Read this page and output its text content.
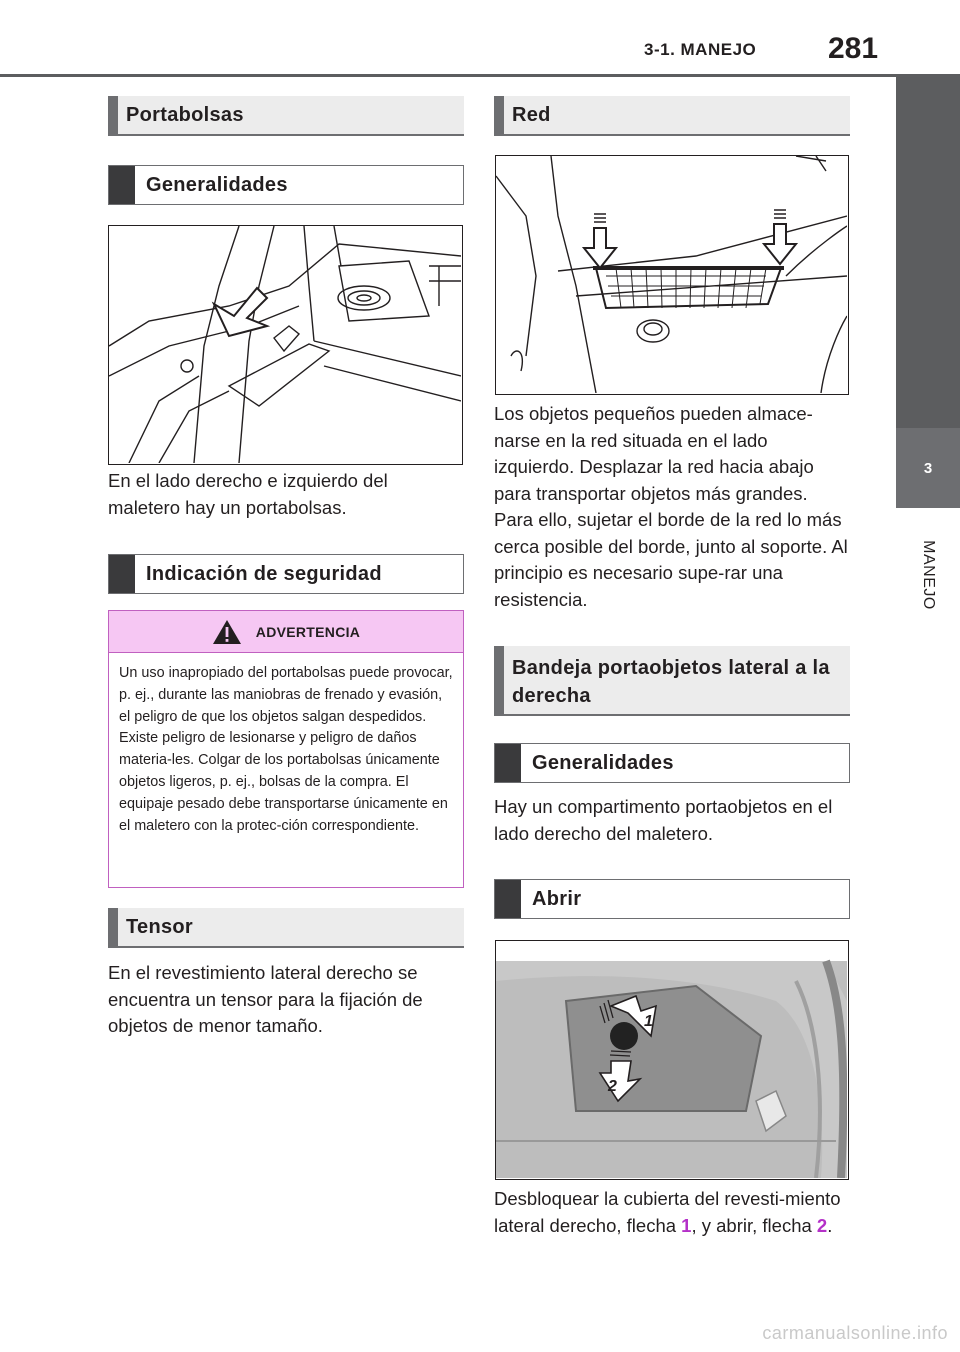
3-1. MANEJO 281
3
MANEJO
Portabolsas
Generalidades
En el lado derecho e izquierdo del maletero hay un portabolsas.
Indicación de seguridad
ADVERTENCIA
Un uso inapropiado del portabolsas puede provocar, p. ej., durante las maniobras de frenado y evasión, el peligro de que los objetos salgan despedidos. Existe peligro de lesionarse y peligro de daños materia-les. Colgar de los portabolsas únicamente objetos ligeros, p. ej., bolsas de la compra. El equipaje pesado debe transportarse únicamente en el maletero con la protec-ción correspondiente.
Tensor
En el revestimiento lateral derecho se encuentra un tensor para la fijación de objetos de menor tamaño.
Red
Los objetos pequeños pueden almace-narse en la red situada en el lado izquierdo. Desplazar la red hacia abajo para transportar objetos más grandes. Para ello, sujetar el borde de la red lo más cerca posible del borde, junto al soporte. Al principio es necesario supe-rar una resistencia.
Bandeja portaobjetos lateral a la derecha
Generalidades
Hay un compartimento portaobjetos en el lado derecho del maletero.
Abrir
1
2
Desbloquear la cubierta del revesti-miento lateral derecho, flecha 1, y abrir, flecha 2.
carmanualsonline.info
